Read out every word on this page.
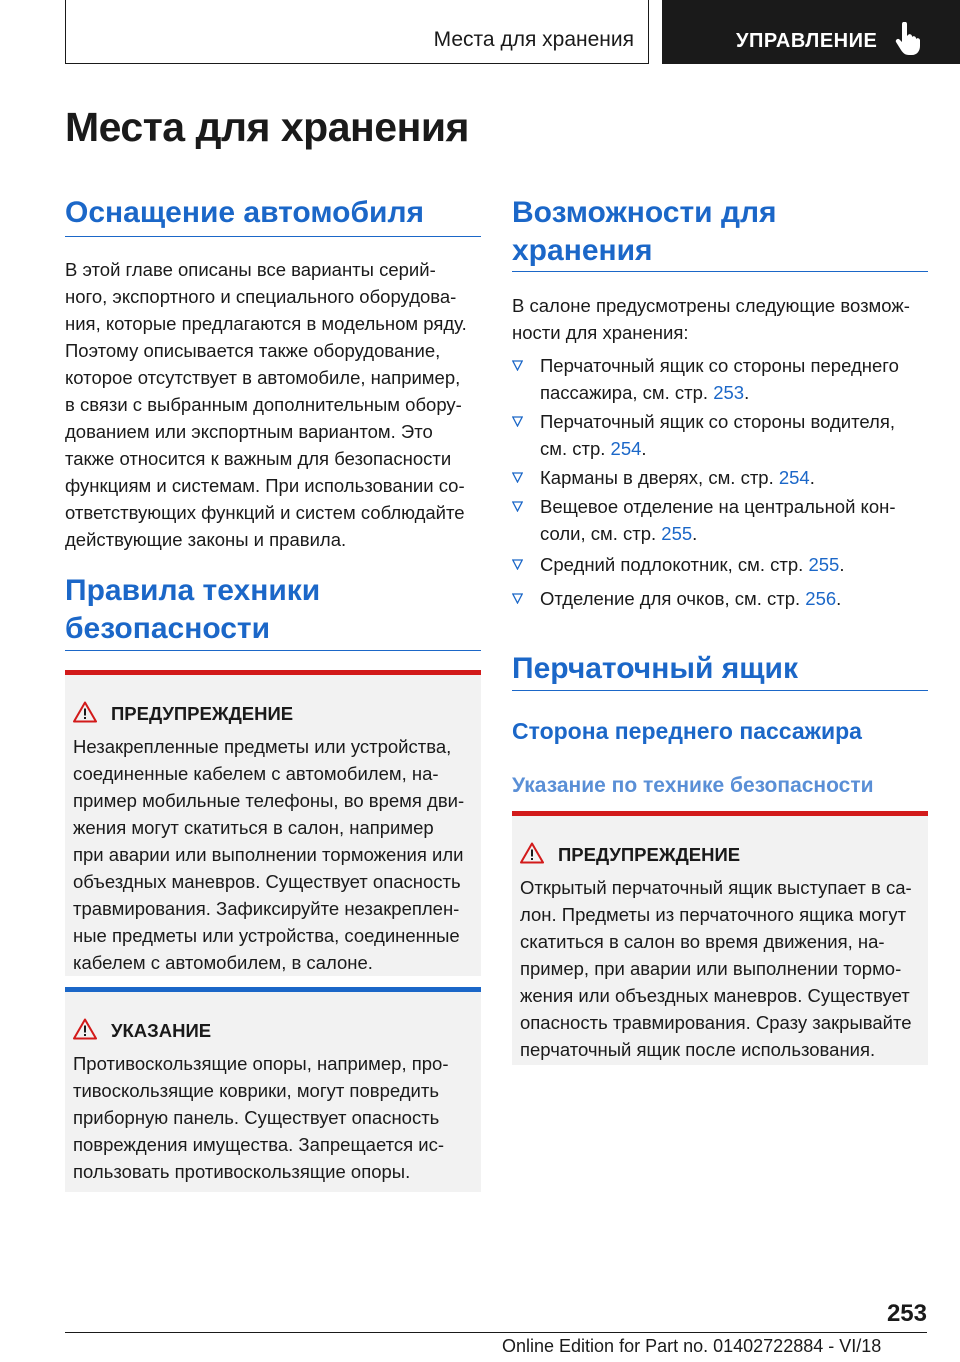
Места для хранения	УПРАВЛЕНИЕ
Места для хранения
Оснащение автомобиля

В этой главе описаны все варианты серий-

ного, экспортного и специального оборудова-

ния, которые предлагаются в модельном ряду.

Поэтому описывается также оборудование,

которое отсутствует в автомобиле, например,

в связи с выбранным дополнительным обору-

дованием или экспортным вариантом. Это

также относится к важным для безопасности

функциям и системам. При использовании со-

ответствующих функций и систем соблюдайте

действующие законы и правила.

Правила техники
безопасности
ПРЕДУПРЕЖДЕНИЕ

Незакрепленные предметы или устройства,

соединенные кабелем с автомобилем, на-

пример мобильные телефоны, во время дви-

жения могут скатиться в салон, например

при аварии или выполнении торможения или

объездных маневров. Существует опасность

травмирования. Зафиксируйте незакреплен-

ные предметы или устройства, соединенные

кабелем с автомобилем, в салоне.

УКАЗАНИЕ

Противоскользящие опоры, например, про-

тивоскользящие коврики, могут повредить

приборную панель. Существует опасность

повреждения имущества. Запрещается ис-

пользовать противоскользящие опоры.

Возможности для
хранения

В салоне предусмотрены следующие возмож-

ности для хранения:

Перчаточный ящик со стороны переднего

пассажира, см. стр. 253.

Перчаточный ящик со стороны водителя,

см. стр. 254.

Карманы в дверях, см. стр. 254.

Вещевое отделение на центральной кон-

соли, см. стр. 255.

Средний подлокотник, см. стр. 255.

Отделение для очков, см. стр. 256.

Перчаточный ящик
Сторона переднего пассажира
Указание по технике безопасности
ПРЕДУПРЕЖДЕНИЕ

Открытый перчаточный ящик выступает в са-

лон. Предметы из перчаточного ящика могут

скатиться в салон во время движения, на-

пример, при аварии или выполнении тормо-

жения или объездных маневров. Существует

опасность травмирования. Сразу закрывайте

перчаточный ящик после использования.

253
Online Edition for Part no. 01402722884 - VI/18
